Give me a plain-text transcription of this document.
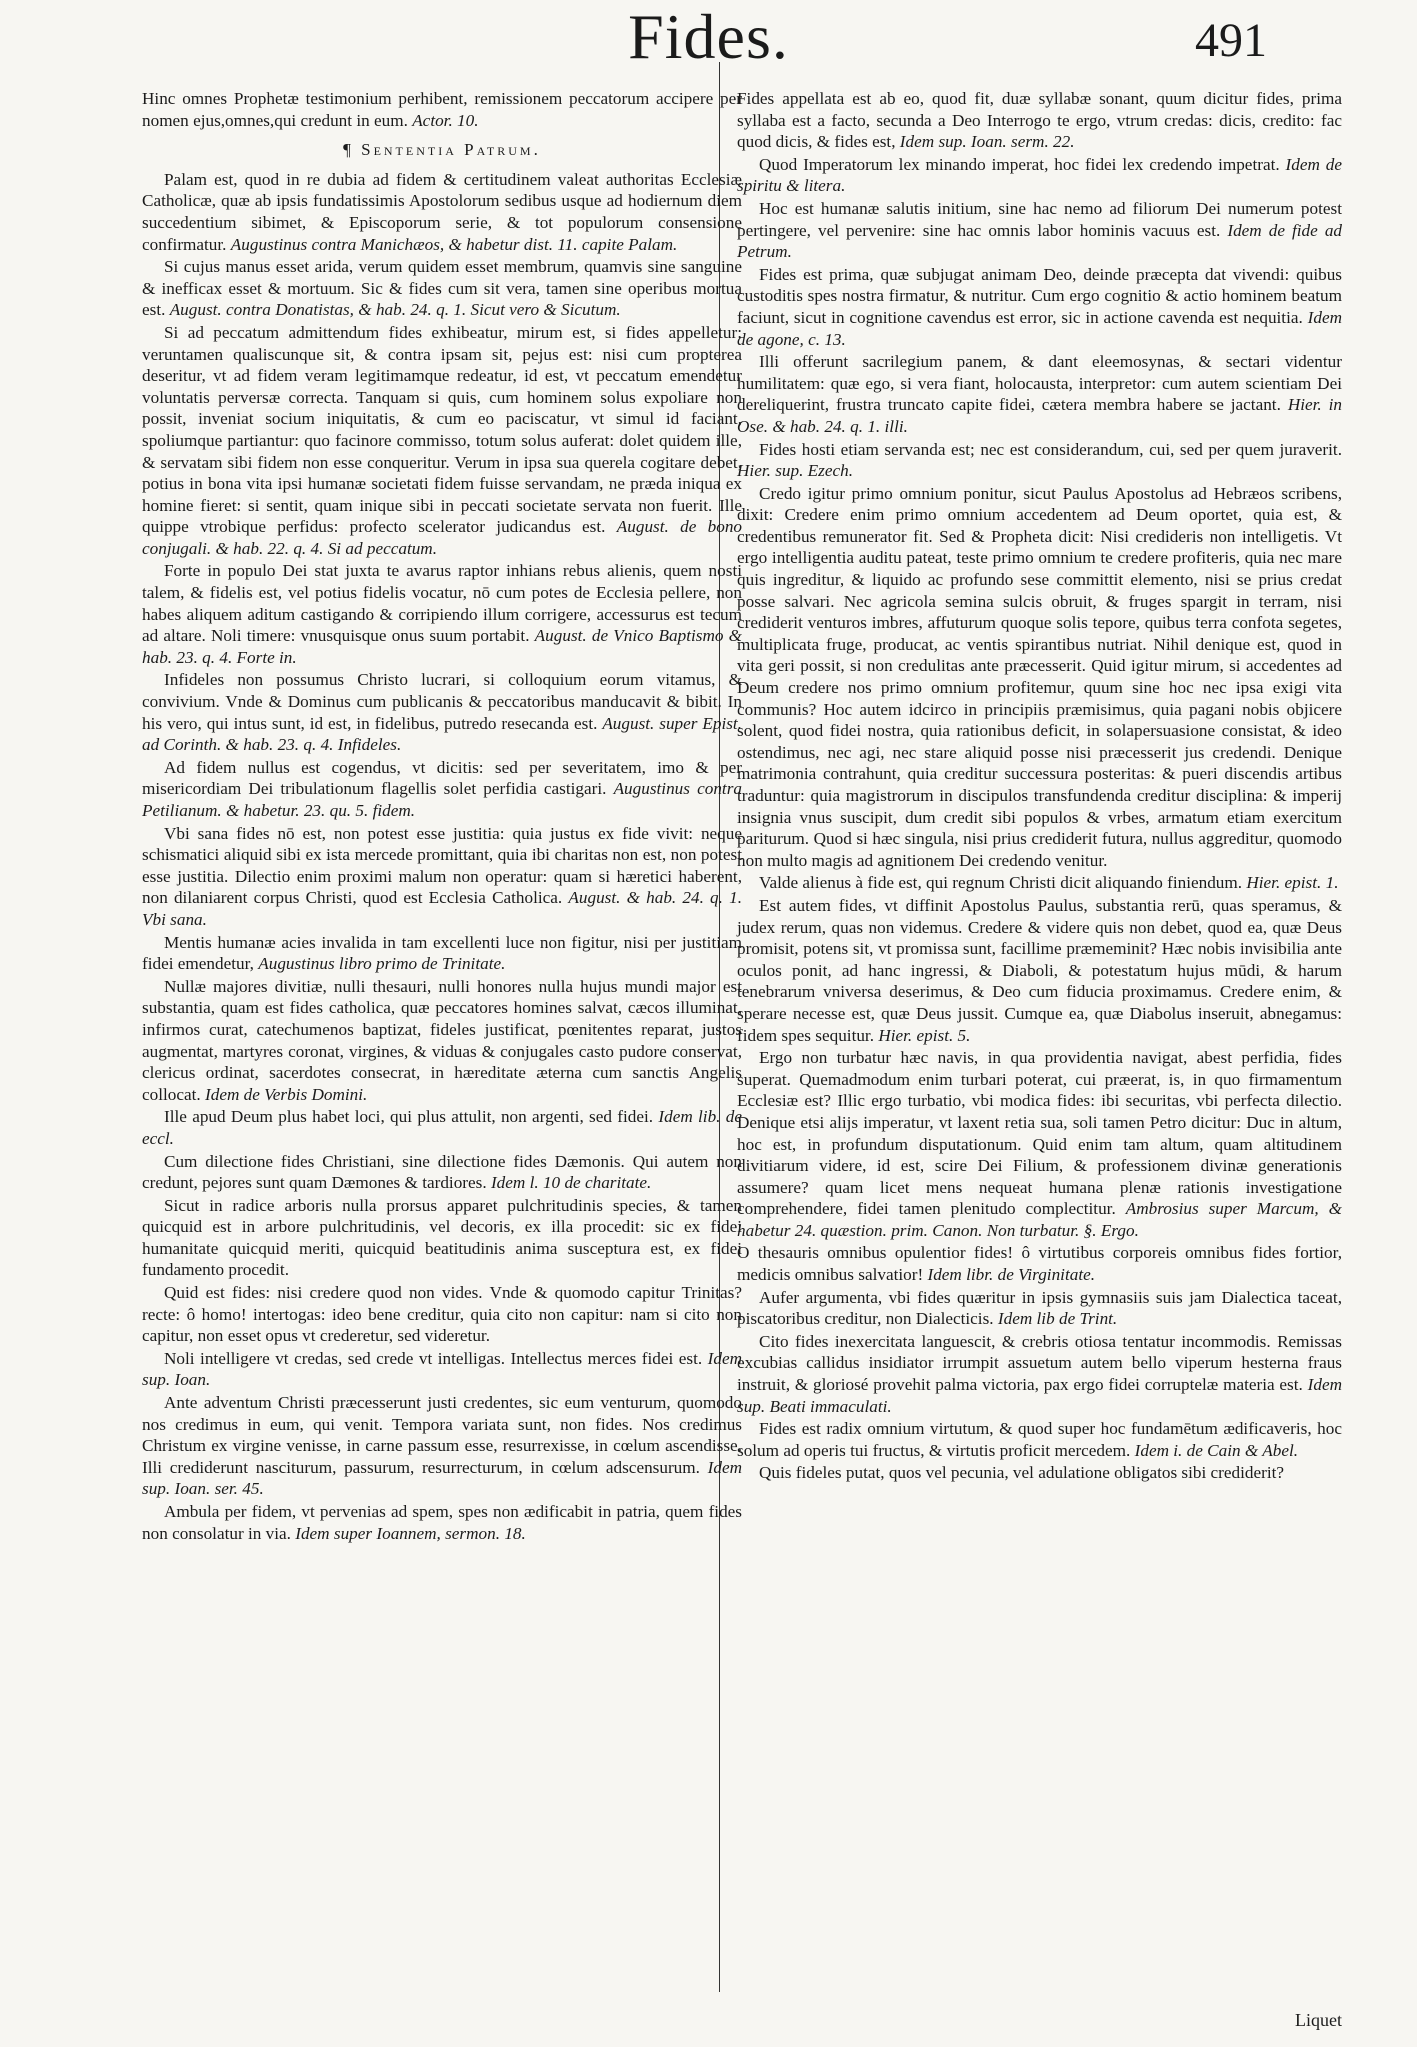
Fides.	491

Hinc omnes Prophetæ testimonium perhibent, remissionem peccatorum accipere per nomen ejus,omnes,qui credunt in eum. Actor. 10.

¶ Sententia Patrum.

Palam est, quod in re dubia ad fidem & certitudinem valeat authoritas Ecclesiæ Catholicæ, quæ ab ipsis fundatissimis Apostolorum sedibus usque ad hodiernum diem succedentium sibimet, & Episcoporum serie, & tot populorum consensione confirmatur. Augustinus contra Manichæos, & habetur dist. 11. capite Palam.

Si cujus manus esset arida, verum quidem esset membrum, quamvis sine sanguine & inefficax esset & mortuum. Sic & fides cum sit vera, tamen sine operibus mortua est. August. contra Donatistas, & hab. 24. q. 1. Sicut vero & Sicutum.

Si ad peccatum admittendum fides exhibeatur, mirum est, si fides appelletur: veruntamen qualiscunque sit, & contra ipsam sit, pejus est: nisi cum propterea deseritur, vt ad fidem veram legitimamque redeatur, id est, vt peccatum emendetur voluntatis perversæ correcta. Tanquam si quis, cum hominem solus expoliare non possit, inveniat socium iniquitatis, & cum eo paciscatur, vt simul id faciant, spoliumque partiantur: quo facinore commisso, totum solus auferat: dolet quidem ille, & servatam sibi fidem non esse conqueritur. Verum in ipsa sua querela cogitare debet, potius in bona vita ipsi humanæ societati fidem fuisse servandam, ne præda iniqua ex homine fieret: si sentit, quam inique sibi in peccati societate servata non fuerit. Ille quippe vtrobique perfidus: profecto scelerator judicandus est. August. de bono conjugali. & hab. 22. q. 4. Si ad peccatum.

Forte in populo Dei stat juxta te avarus raptor inhians rebus alienis, quem nosti talem, & fidelis est, vel potius fidelis vocatur, nō cum potes de Ecclesia pellere, non habes aliquem aditum castigando & corripiendo illum corrigere, accessurus est tecum ad altare. Noli timere: vnusquisque onus suum portabit. August. de Vnico Baptismo & hab. 23. q. 4. Forte in.

Infideles non possumus Christo lucrari, si colloquium eorum vitamus, & convivium. Vnde & Dominus cum publicanis & peccatoribus manducavit & bibit. In his vero, qui intus sunt, id est, in fidelibus, putredo resecanda est. August. super Epist. ad Corinth. & hab. 23. q. 4. Infideles.

Ad fidem nullus est cogendus, vt dicitis: sed per severitatem, imo & per misericordiam Dei tribulationum flagellis solet perfidia castigari. Augustinus contra Petilianum. & habetur. 23. qu. 5. fidem.

Vbi sana fides nō est, non potest esse justitia: quia justus ex fide vivit: neque schismatici aliquid sibi ex ista mercede promittant, quia ibi charitas non est, non potest esse justitia. Dilectio enim proximi malum non operatur: quam si hæretici haberent, non dilaniarent corpus Christi, quod est Ecclesia Catholica. August. & hab. 24. q. 1. Vbi sana.

Mentis humanæ acies invalida in tam excellenti luce non figitur, nisi per justitiam fidei emendetur, Augustinus libro primo de Trinitate.

Nullæ majores divitiæ, nulli thesauri, nulli honores nulla hujus mundi major est substantia, quam est fides catholica, quæ peccatores homines salvat, cæcos illuminat, infirmos curat, catechumenos baptizat, fideles justificat, pœnitentes reparat, justos augmentat, martyres coronat, virgines, & viduas & conjugales casto pudore conservat, clericus ordinat, sacerdotes consecrat, in hæreditate æterna cum sanctis Angelis collocat. Idem de Verbis Domini.

Ille apud Deum plus habet loci, qui plus attulit, non argenti, sed fidei. Idem lib. de eccl.

Cum dilectione fides Christiani, sine dilectione fides Dæmonis. Qui autem non credunt, pejores sunt quam Dæmones & tardiores. Idem l. 10 de charitate.

Sicut in radice arboris nulla prorsus apparet pulchritudinis species, & tamen quicquid est in arbore pulchritudinis, vel decoris, ex illa procedit: sic ex fidei humanitate quicquid meriti, quicquid beatitudinis anima susceptura est, ex fidei fundamento procedit.

Quid est fides: nisi credere quod non vides. Vnde & quomodo capitur Trinitas? recte: ô homo! intertogas: ideo bene creditur, quia cito non capitur: nam si cito non capitur, non esset opus vt crederetur, sed videretur.

Noli intelligere vt credas, sed crede vt intelligas. Intellectus merces fidei est. Idem sup. Ioan.

Ante adventum Christi præcesserunt justi credentes, sic eum venturum, quomodo nos credimus in eum, qui venit. Tempora variata sunt, non fides. Nos credimus Christum ex virgine venisse, in carne passum esse, resurrexisse, in cœlum ascendisse. Illi crediderunt nasciturum, passurum, resurrecturum, in cœlum adscensurum. Idem sup. Ioan. ser. 45.

Ambula per fidem, vt pervenias ad spem, spes non ædificabit in patria, quem fides non consolatur in via. Idem super Ioannem, sermon. 18.

Fides appellata est ab eo, quod fit, duæ syllabæ sonant, quum dicitur fides, prima syllaba est a facto, secunda a Deo Interrogo te ergo, vtrum credas: dicis, credito: fac quod dicis, & fides est, Idem sup. Ioan. serm. 22.

Quod Imperatorum lex minando imperat, hoc fidei lex credendo impetrat. Idem de spiritu & litera.

Hoc est humanæ salutis initium, sine hac nemo ad filiorum Dei numerum potest pertingere, vel pervenire: sine hac omnis labor hominis vacuus est. Idem de fide ad Petrum.

Fides est prima, quæ subjugat animam Deo, deinde præcepta dat vivendi: quibus custoditis spes nostra firmatur, & nutritur. Cum ergo cognitio & actio hominem beatum faciunt, sicut in cognitione cavendus est error, sic in actione cavenda est nequitia. Idem de agone, c. 13.

Illi offerunt sacrilegium panem, & dant eleemosynas, & sectari videntur humilitatem: quæ ego, si vera fiant, holocausta, interpretor: cum autem scientiam Dei dereliquerint, frustra truncato capite fidei, cætera membra habere se jactant. Hier. in Ose. & hab. 24. q. 1. illi.

Fides hosti etiam servanda est; nec est considerandum, cui, sed per quem juraverit. Hier. sup. Ezech.

Credo igitur primo omnium ponitur, sicut Paulus Apostolus ad Hebræos scribens, dixit: Credere enim primo omnium accedentem ad Deum oportet, quia est, & credentibus remunerator fit. Sed & Propheta dicit: Nisi credideris non intelligetis. Vt ergo intelligentia auditu pateat, teste primo omnium te credere profiteris, quia nec mare quis ingreditur, & liquido ac profundo sese committit elemento, nisi se prius credat posse salvari. Nec agricola semina sulcis obruit, & fruges spargit in terram, nisi crediderit venturos imbres, affuturum quoque solis tepore, quibus terra confota segetes, multiplicata fruge, producat, ac ventis spirantibus nutriat. Nihil denique est, quod in vita geri possit, si non credulitas ante præcesserit. Quid igitur mirum, si accedentes ad Deum credere nos primo omnium profitemur, quum sine hoc nec ipsa exigi vita communis? Hoc autem idcirco in principiis præmisimus, quia pagani nobis objicere solent, quod fidei nostra, quia rationibus deficit, in solapersuasione consistat, & ideo ostendimus, nec agi, nec stare aliquid posse nisi præcesserit jus credendi. Denique matrimonia contrahunt, quia creditur successura posteritas: & pueri discendis artibus traduntur: quia magistrorum in discipulos transfundenda creditur disciplina: & imperij insignia vnus suscipit, dum credit sibi populos & vrbes, armatum etiam exercitum pariturum. Quod si hæc singula, nisi prius crediderit futura, nullus aggreditur, quomodo non multo magis ad agnitionem Dei credendo venitur.

Valde alienus à fide est, qui regnum Christi dicit aliquando finiendum. Hier. epist. 1.

Est autem fides, vt diffinit Apostolus Paulus, substantia rerū, quas speramus, & judex rerum, quas non videmus. Credere & videre quis non debet, quod ea, quæ Deus promisit, potens sit, vt promissa sunt, facillime præmeminit? Hæc nobis invisibilia ante oculos ponit, ad hanc ingressi, & Diaboli, & potestatum hujus mūdi, & harum tenebrarum vniversa deserimus, & Deo cum fiducia proximamus. Credere enim, & sperare necesse est, quæ Deus jussit. Cumque ea, quæ Diabolus inseruit, abnegamus: fidem spes sequitur. Hier. epist. 5.

Ergo non turbatur hæc navis, in qua providentia navigat, abest perfidia, fides superat. Quemadmodum enim turbari poterat, cui præerat, is, in quo firmamentum Ecclesiæ est? Illic ergo turbatio, vbi modica fides: ibi securitas, vbi perfecta dilectio. Denique etsi alijs imperatur, vt laxent retia sua, soli tamen Petro dicitur: Duc in altum, hoc est, in profundum disputationum. Quid enim tam altum, quam altitudinem divitiarum videre, id est, scire Dei Filium, & professionem divinæ generationis assumere? quam licet mens nequeat humana plenæ rationis investigatione comprehendere, fidei tamen plenitudo complectitur. Ambrosius super Marcum, & habetur 24. quæstion. prim. Canon. Non turbatur. §. Ergo.

O thesauris omnibus opulentior fides! ô virtutibus corporeis omnibus fides fortior, medicis omnibus salvatior! Idem libr. de Virginitate.

Aufer argumenta, vbi fides quæritur in ipsis gymnasiis suis jam Dialectica taceat, piscatoribus creditur, non Dialecticis. Idem lib de Trint.

Cito fides inexercitata languescit, & crebris otiosa tentatur incommodis. Remissas excubias callidus insidiator irrumpit assuetum autem bello viperum hesterna fraus instruit, & gloriosé provehit palma victoria, pax ergo fidei corruptelæ materia est. Idem sup. Beati immaculati.

Fides est radix omnium virtutum, & quod super hoc fundamētum ædificaveris, hoc solum ad operis tui fructus, & virtutis proficit mercedem. Idem i. de Cain & Abel.

Quis fideles putat, quos vel pecunia, vel adulatione obligatos sibi crediderit?

Liquet
